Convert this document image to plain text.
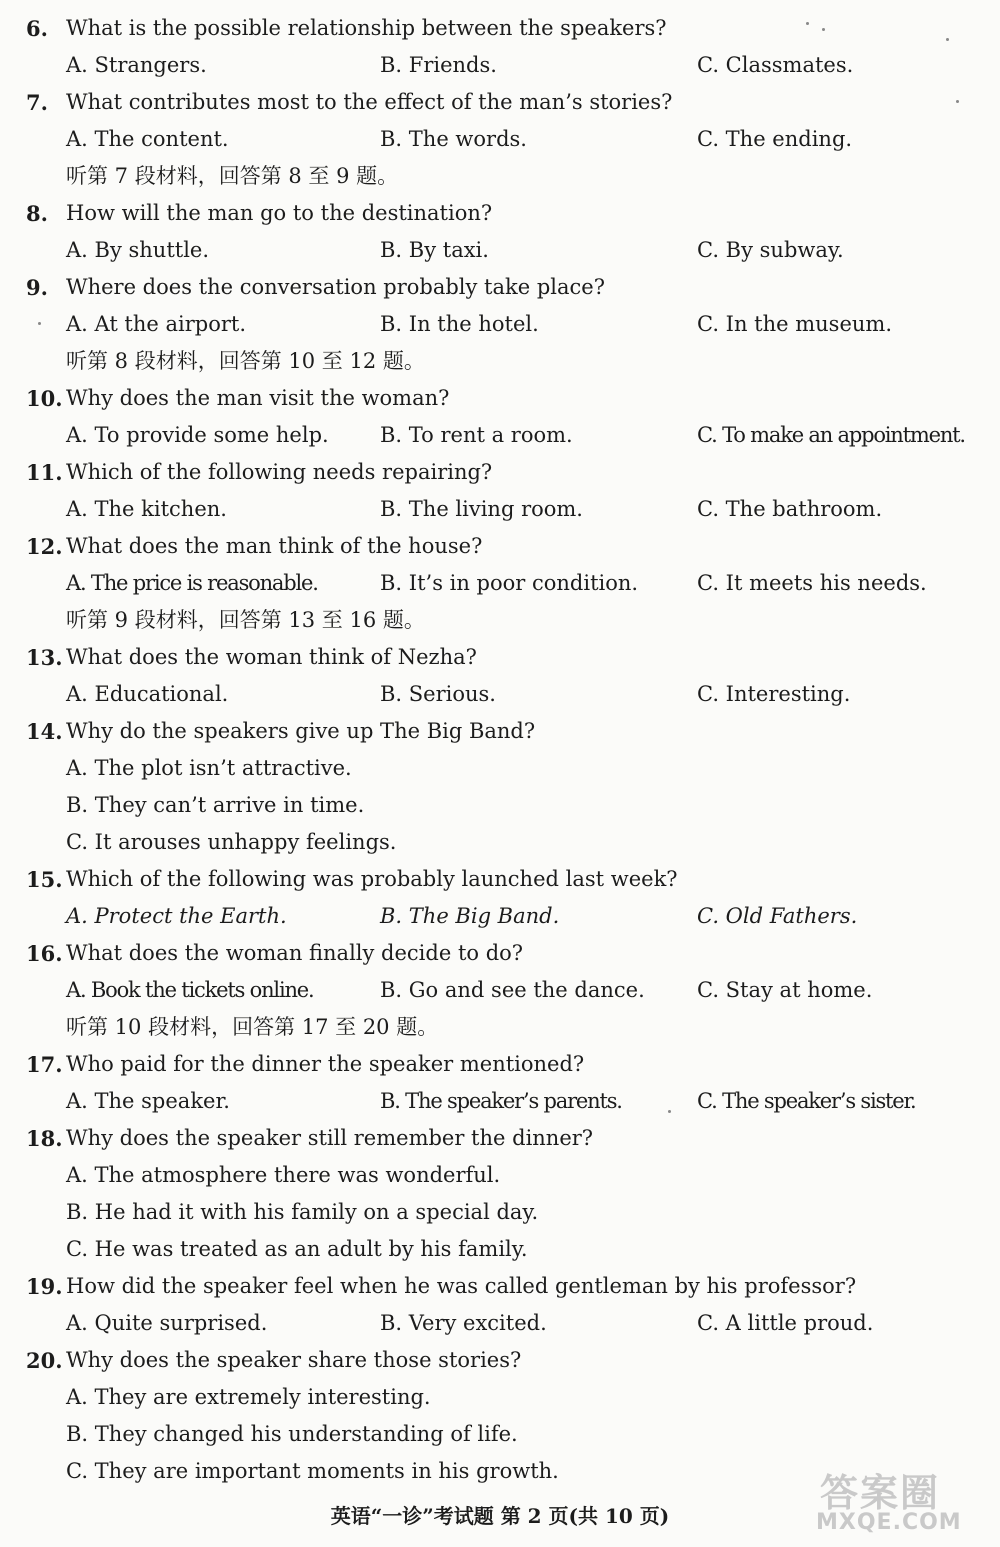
6. What is the possible relationship between the speakers?
A. Strangers.	B. Friends.	C. Classmates.
7. What contributes most to the effect of the man’s stories?
A. The content.	B. The words.	C. The ending.
听第 7 段材料，回答第 8 至 9 题。
8. How will the man go to the destination?
A. By shuttle.	B. By taxi.	C. By subway.
9. Where does the conversation probably take place?
A. At the airport.	B. In the hotel.	C. In the museum.
听第 8 段材料，回答第 10 至 12 题。
10. Why does the man visit the woman?
A. To provide some help. B. To rent a room.	C. To make an appointment.
11. Which of the following needs repairing?
A. The kitchen.	B. The living room.	C. The bathroom.
12. What does the man think of the house?
A. The price is reasonable.	B. It’s in poor condition.	C. It meets his needs.
听第 9 段材料，回答第 13 至 16 题。
13. What does the woman think of Nezha?
A. Educational.	B. Serious.	C. Interesting.
14. Why do the speakers give up The Big Band?
A. The plot isn’t attractive.
B. They can’t arrive in time.
C. It arouses unhappy feelings.
15. Which of the following was probably launched last week?
A. Protect the Earth.	B. The Big Band.	C. Old Fathers.
16. What does the woman finally decide to do?
A. Book the tickets online.	B. Go and see the dance. C. Stay at home.
听第 10 段材料，回答第 17 至 20 题。
17. Who paid for the dinner the speaker mentioned?
A. The speaker.	B. The speaker’s parents.	C. The speaker’s sister.
18. Why does the speaker still remember the dinner?
A. The atmosphere there was wonderful.
B. He had it with his family on a special day.
C. He was treated as an adult by his family.
19. How did the speaker feel when he was called gentleman by his professor?
A. Quite surprised.	B. Very excited.	C. A little proud.
20. Why does the speaker share those stories?
A. They are extremely interesting.
B. They changed his understanding of life.
C. They are important moments in his growth.
英语“一诊”考试题 第 2 页(共 10 页)
答案圈
MXQE.COM
